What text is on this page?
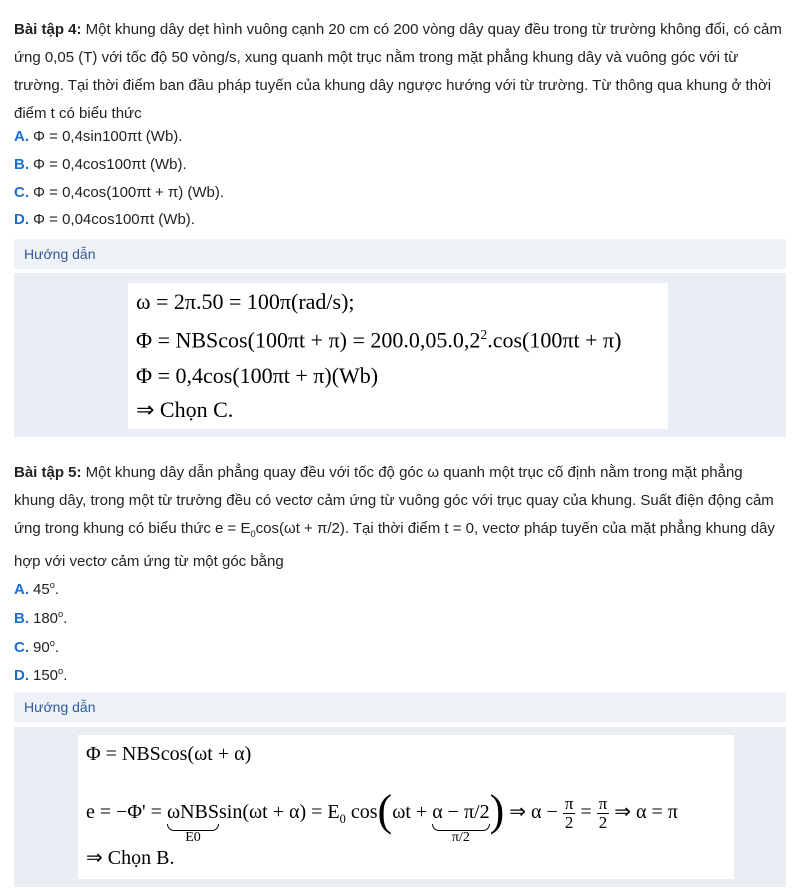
Bài tập 4: Một khung dây dẹt hình vuông cạnh 20 cm có 200 vòng dây quay đều trong từ trường không đổi, có cảm
ứng 0,05 (T) với tốc độ 50 vòng/s, xung quanh một trục nằm trong mặt phẳng khung dây và vuông góc với từ
trường. Tại thời điểm ban đầu pháp tuyến của khung dây ngược hướng với từ trường. Từ thông qua khung ở thời
điểm t có biểu thức
A. Φ = 0,4sin100πt (Wb).
B. Φ = 0,4cos100πt (Wb).
C. Φ = 0,4cos(100πt + π) (Wb).
D. Φ = 0,04cos100πt (Wb).
Hướng dẫn
ω = 2π.50 = 100π(rad/s);
$\Phi = NBScos(100\pi t + \pi) = 200.0,05.0,2^2.\cos(100\pi t + \pi)$
Φ = 0,4cos(100πt + π)(Wb)
⇒ Chọn C.
Bài tập 5: Một khung dây dẫn phẳng quay đều với tốc độ góc ω quanh một trục cố định nằm trong mặt phẳng
khung dây, trong một từ trường đều có vectơ cảm ứng từ vuông góc với trục quay của khung. Suất điện động cảm
ứng trong khung có biểu thức $e = E_0\cos(\omega t + \pi/2)$. Tại thời điểm t = 0, vectơ pháp tuyến của mặt phẳng khung dây
hợp với vectơ cảm ứng từ một góc bằng
A. 45$^o$.
B. 180$^o$.
C. 90$^o$.
D. 150$^o$.
Hướng dẫn
Φ = NBScos(ωt + α)
e = −Φ' = ωNBS
E0
$\sin(\omega t + \alpha) = E_0$ cos(ωt + α − π/2
π/2
) ⇒ $\alpha - \frac{\pi}{2} = \frac{\pi}{2}$ ⇒ α = π
⇒ Chọn B.
